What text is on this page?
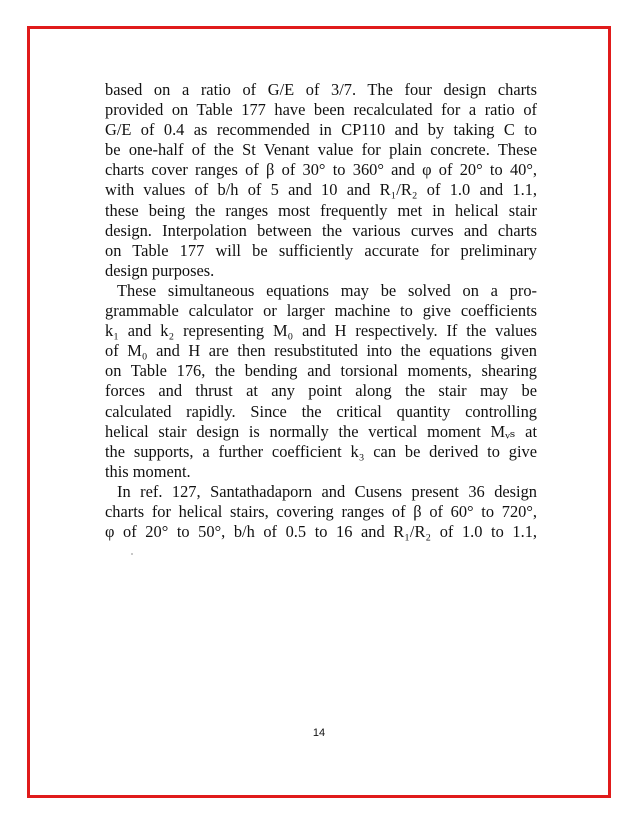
based on a ratio of G/E of 3/7. The four design charts
provided on Table 177 have been recalculated for a ratio of
G/E of 0.4 as recommended in CP110 and by taking C to
be one-half of the St Venant value for plain concrete. These
charts cover ranges of β of 30° to 360° and φ of 20° to 40°,
with values of b/h of 5 and 10 and R₁/R₂ of 1.0 and 1.1,
these being the ranges most frequently met in helical stair
design. Interpolation between the various curves and charts
on Table 177 will be sufficiently accurate for preliminary
design purposes.

These simultaneous equations may be solved on a pro-
grammable calculator or larger machine to give coefficients
k₁ and k₂ representing M₀ and H respectively. If the values
of M₀ and H are then resubstituted into the equations given
on Table 176, the bending and torsional moments, shearing
forces and thrust at any point along the stair may be
calculated rapidly. Since the critical quantity controlling
helical stair design is normally the vertical moment Mᵥₛ at
the supports, a further coefficient k₃ can be derived to give
this moment.

In ref. 127, Santathadaporn and Cusens present 36 design
charts for helical stairs, covering ranges of β of 60° to 720°,
φ of 20° to 50°, b/h of 0.5 to 16 and R₁/R₂ of 1.0 to 1.1,

14
